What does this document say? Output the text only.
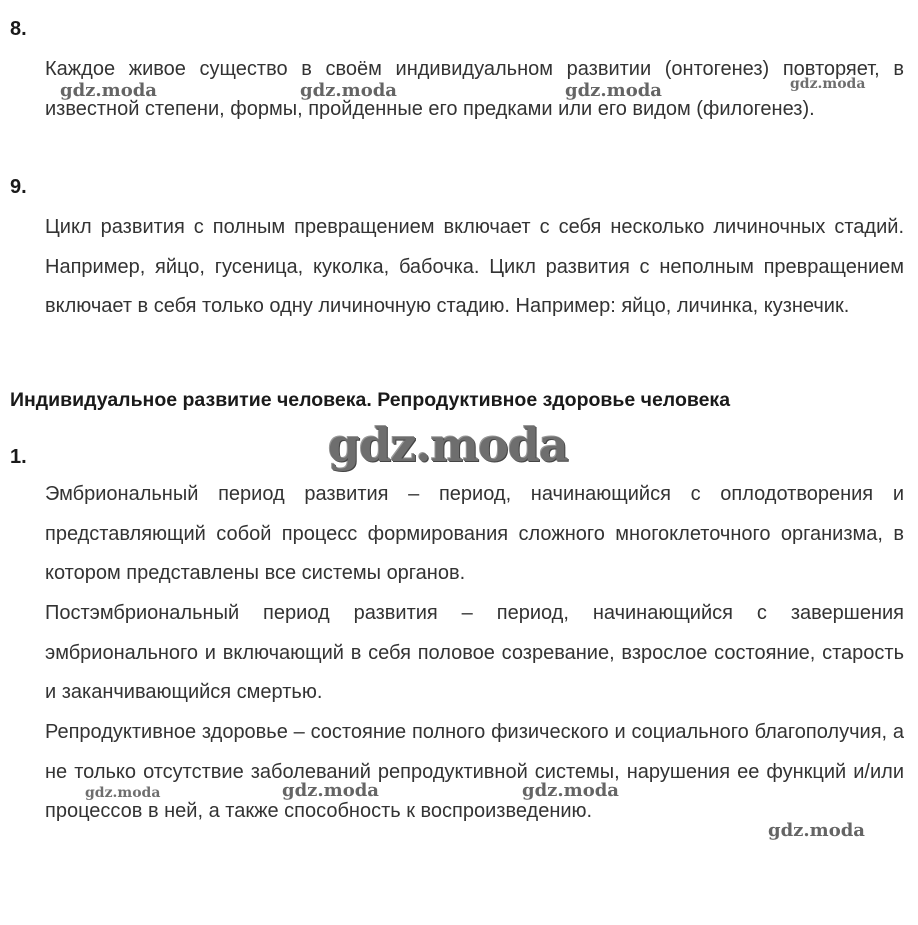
8.
Каждое живое существо в своём индивидуальном развитии (онтогенез) повторяет, в известной степени, формы, пройденные его предками или его видом (филогенез).
9.
Цикл развития с полным превращением включает с себя несколько личиночных стадий. Например, яйцо, гусеница, куколка, бабочка. Цикл развития с неполным превращением включает в себя только одну личиночную стадию. Например: яйцо, личинка, кузнечик.
Индивидуальное развитие человека. Репродуктивное здоровье человека
1.
Эмбриональный период развития – период, начинающийся с оплодотворения и представляющий собой процесс формирования сложного многоклеточного организма, в котором представлены все системы органов.
Постэмбриональный период развития – период, начинающийся с завершения эмбрионального и включающий в себя половое созревание, взрослое состояние, старость и заканчивающийся смертью.
Репродуктивное здоровье – состояние полного физического и социального благополучия, а не только отсутствие заболеваний репродуктивной системы, нарушения ее функций и/или процессов в ней, а также способность к воспроизведению.
gdz.moda	gdz.moda	gdz.moda	gdz.moda
gdz.moda
gdz.moda	gdz.moda	gdz.moda
gdz.moda
